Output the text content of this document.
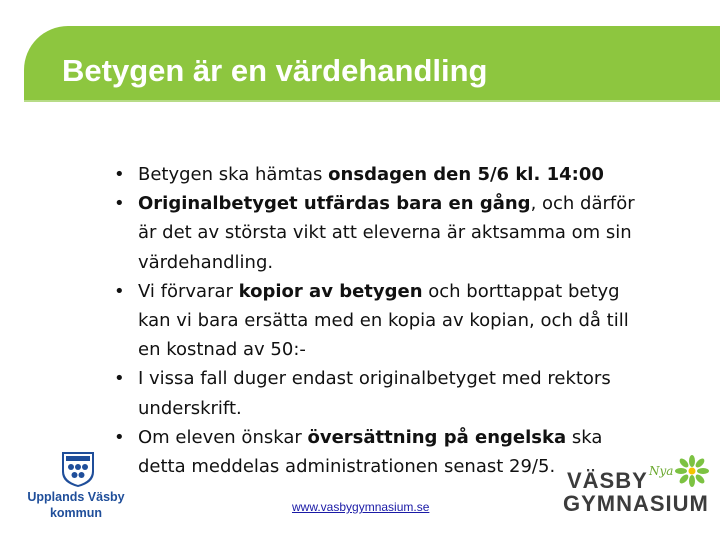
Betygen är en värdehandling
• Betygen ska hämtas onsdagen den 5/6 kl. 14:00
• Originalbetyget utfärdas bara en gång, och därför är det av största vikt att eleverna är aktsamma om sin värdehandling.
• Vi förvarar kopior av betygen och borttappat betyg kan vi bara ersätta med en kopia av kopian, och då till en kostnad av 50:-
• I vissa fall duger endast originalbetyget med rektors underskrift.
• Om eleven önskar översättning på engelska ska detta meddelas administrationen senast 29/5.
www.vasbygymnasium.se
Upplands Väsby
kommun
VÄSBY Nya
GYMNASIUM
